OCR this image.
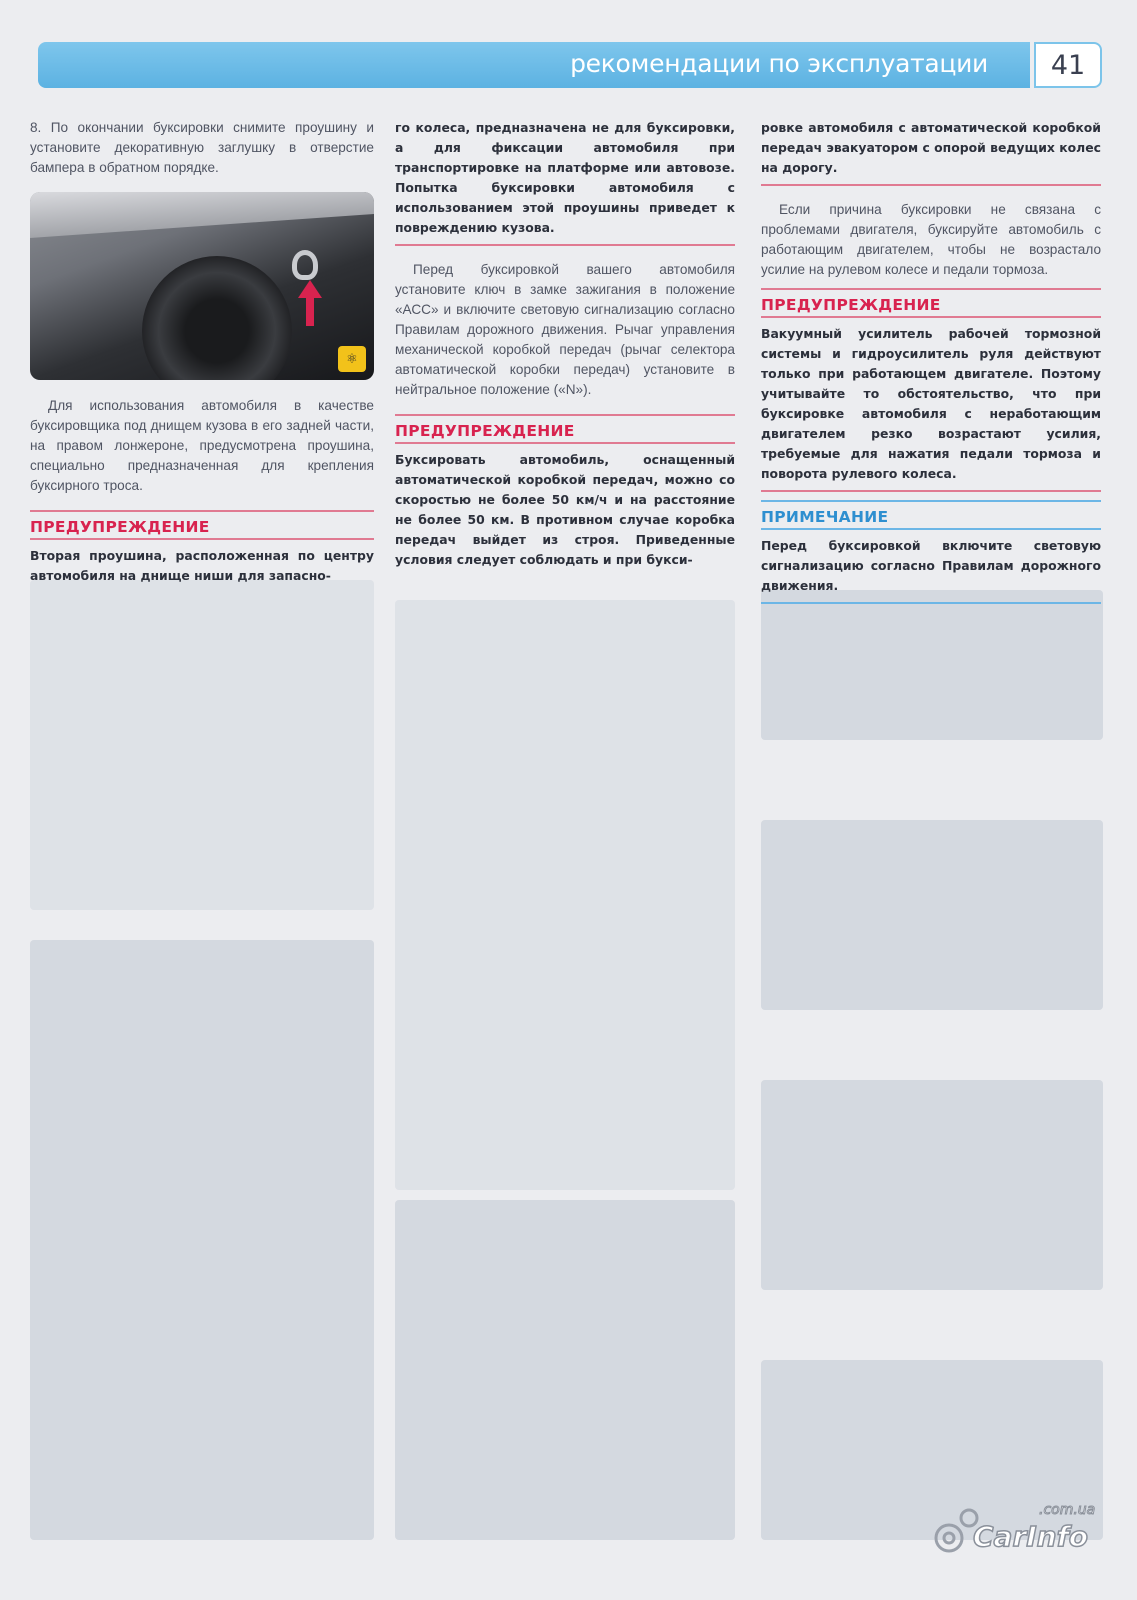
рекомендации по эксплуатации	41

8. По окончании буксировки снимите проушину и установите декоративную заглушку в отверстие бампера в обратном порядке.

⚛

Для использования автомобиля в качестве буксировщика под днищем кузова в его задней части, на правом лонжероне, предусмотрена проушина, специально предназначенная для крепления буксирного троса.

ПРЕДУПРЕЖДЕНИЕ

Вторая проушина, расположенная по центру автомобиля на днище ниши для запасно-

го колеса, предназначена не для буксировки, а для фиксации автомобиля при транспортировке на платформе или автовозе. Попытка буксировки автомобиля с использованием этой проушины приведет к повреждению кузова.

Перед буксировкой вашего автомобиля установите ключ в замке зажигания в положение «АСС» и включите световую сигнализацию согласно Правилам дорожного движения. Рычаг управления механической коробкой передач (рычаг селектора автоматической коробки передач) установите в нейтральное положение («N»).

ПРЕДУПРЕЖДЕНИЕ

Буксировать автомобиль, оснащенный автоматической коробкой передач, можно со скоростью не более 50 км/ч и на расстояние не более 50 км. В противном случае коробка передач выйдет из строя. Приведенные условия следует соблюдать и при букси-

ровке автомобиля с автоматической коробкой передач эвакуатором с опорой ведущих колес на дорогу.

Если причина буксировки не связана с проблемами двигателя, буксируйте автомобиль с работающим двигателем, чтобы не возрастало усилие на рулевом колесе и педали тормоза.

ПРЕДУПРЕЖДЕНИЕ

Вакуумный усилитель рабочей тормозной системы и гидроусилитель руля действуют только при работающем двигателе. Поэтому учитывайте то обстоятельство, что при буксировке автомобиля с неработающим двигателем резко возрастают усилия, требуемые для нажатия педали тормоза и поворота рулевого колеса.

ПРИМЕЧАНИЕ

Перед буксировкой включите световую сигнализацию согласно Правилам дорожного движения.

.com.ua
CarInfo
